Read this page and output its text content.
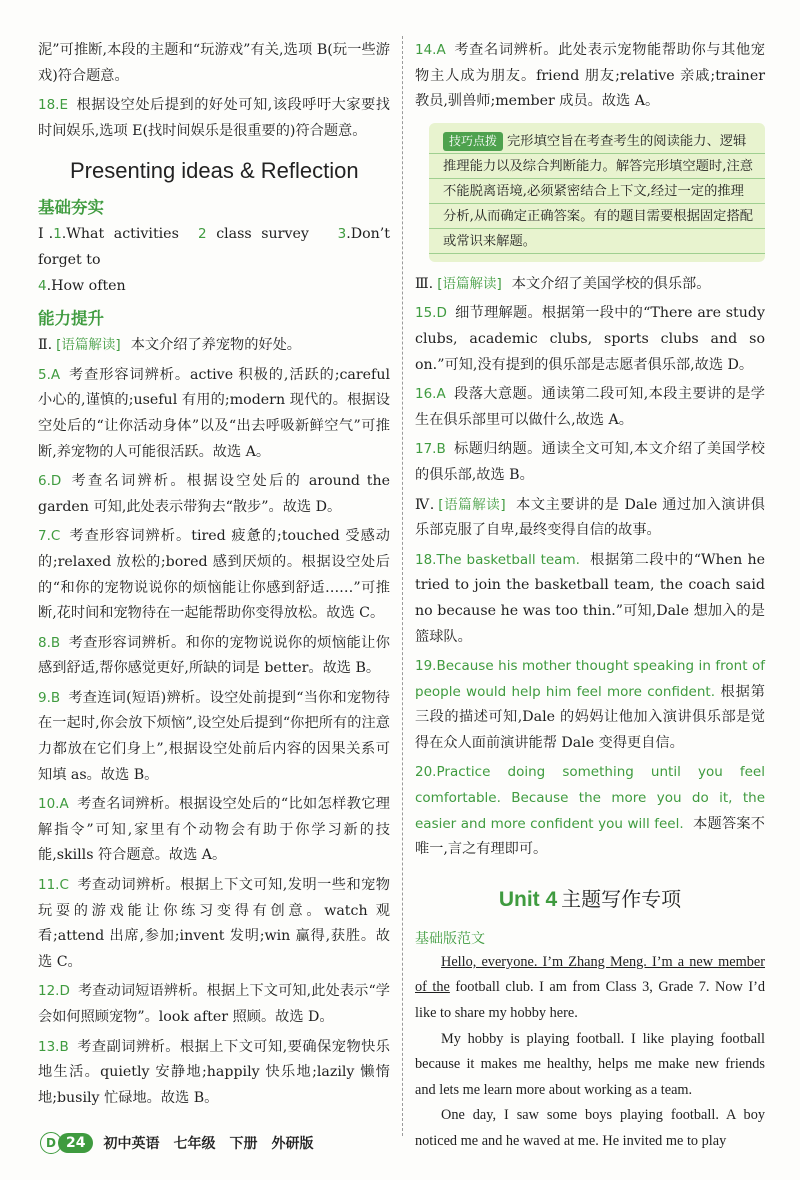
泥”可推断,本段的主题和“玩游戏”有关,选项 B(玩一些游戏)符合题意。

18.E 根据设空处后提到的好处可知,该段呼吁大家要找时间娱乐,选项 E(找时间娱乐是很重要的)符合题意。

Presenting ideas & Reflection
基础夯实

Ⅰ.1.What activities 2 class survey 3.Don’t forget to
4.How often

能力提升

Ⅱ. [语篇解读] 本文介绍了养宠物的好处。

5.A 考查形容词辨析。active 积极的,活跃的;careful 小心的,谨慎的;useful 有用的;modern 现代的。根据设空处后的“让你活动身体”以及“出去呼吸新鲜空气”可推断,养宠物的人可能很活跃。故选 A。

6.D 考查名词辨析。根据设空处后的 around the garden 可知,此处表示带狗去“散步”。故选 D。

7.C 考查形容词辨析。tired 疲惫的;touched 受感动的;relaxed 放松的;bored 感到厌烦的。根据设空处后的“和你的宠物说说你的烦恼能让你感到舒适……”可推断,花时间和宠物待在一起能帮助你变得放松。故选 C。

8.B 考查形容词辨析。和你的宠物说说你的烦恼能让你感到舒适,帮你感觉更好,所缺的词是 better。故选 B。

9.B 考查连词(短语)辨析。设空处前提到“当你和宠物待在一起时,你会放下烦恼”,设空处后提到“你把所有的注意力都放在它们身上”,根据设空处前后内容的因果关系可知填 as。故选 B。

10.A 考查名词辨析。根据设空处后的“比如怎样教它理解指令”可知,家里有个动物会有助于你学习新的技能,skills 符合题意。故选 A。

11.C 考查动词辨析。根据上下文可知,发明一些和宠物玩耍的游戏能让你练习变得有创意。watch 观看;attend 出席,参加;invent 发明;win 赢得,获胜。故选 C。

12.D 考查动词短语辨析。根据上下文可知,此处表示“学会如何照顾宠物”。look after 照顾。故选 D。

13.B 考查副词辨析。根据上下文可知,要确保宠物快乐地生活。quietly 安静地;happily 快乐地;lazily 懒惰地;busily 忙碌地。故选 B。

14.A 考查名词辨析。此处表示宠物能帮助你与其他宠物主人成为朋友。friend 朋友;relative 亲戚;trainer 教员,驯兽师;member 成员。故选 A。

技巧点拨 完形填空旨在考查考生的阅读能力、逻辑推理能力以及综合判断能力。解答完形填空题时,注意不能脱离语境,必须紧密结合上下文,经过一定的推理分析,从而确定正确答案。有的题目需要根据固定搭配或常识来解题。

Ⅲ. [语篇解读] 本文介绍了美国学校的俱乐部。

15.D 细节理解题。根据第一段中的“There are study clubs, academic clubs, sports clubs and so on.”可知,没有提到的俱乐部是志愿者俱乐部,故选 D。

16.A 段落大意题。通读第二段可知,本段主要讲的是学生在俱乐部里可以做什么,故选 A。

17.B 标题归纳题。通读全文可知,本文介绍了美国学校的俱乐部,故选 B。

Ⅳ. [语篇解读] 本文主要讲的是 Dale 通过加入演讲俱乐部克服了自卑,最终变得自信的故事。

18.The basketball team. 根据第二段中的“When he tried to join the basketball team, the coach said no because he was too thin.”可知,Dale 想加入的是篮球队。

19.Because his mother thought speaking in front of people would help him feel more confident. 根据第三段的描述可知,Dale 的妈妈让他加入演讲俱乐部是觉得在众人面前演讲能帮 Dale 变得更自信。

20.Practice doing something until you feel comfortable. Because the more you do it, the easier and more confident you will feel. 本题答案不唯一,言之有理即可。

Unit 4 主题写作专项
基础版范文

Hello, everyone. I’m Zhang Meng. I’m a new member of the football club. I am from Class 3, Grade 7. Now I’d like to share my hobby here.

My hobby is playing football. I like playing football because it makes me healthy, helps me make new friends and lets me learn more about working as a team.

One day, I saw some boys playing football. A boy noticed me and he waved at me. He invited me to play

D 24	初中英语 七年级 下册 外研版
